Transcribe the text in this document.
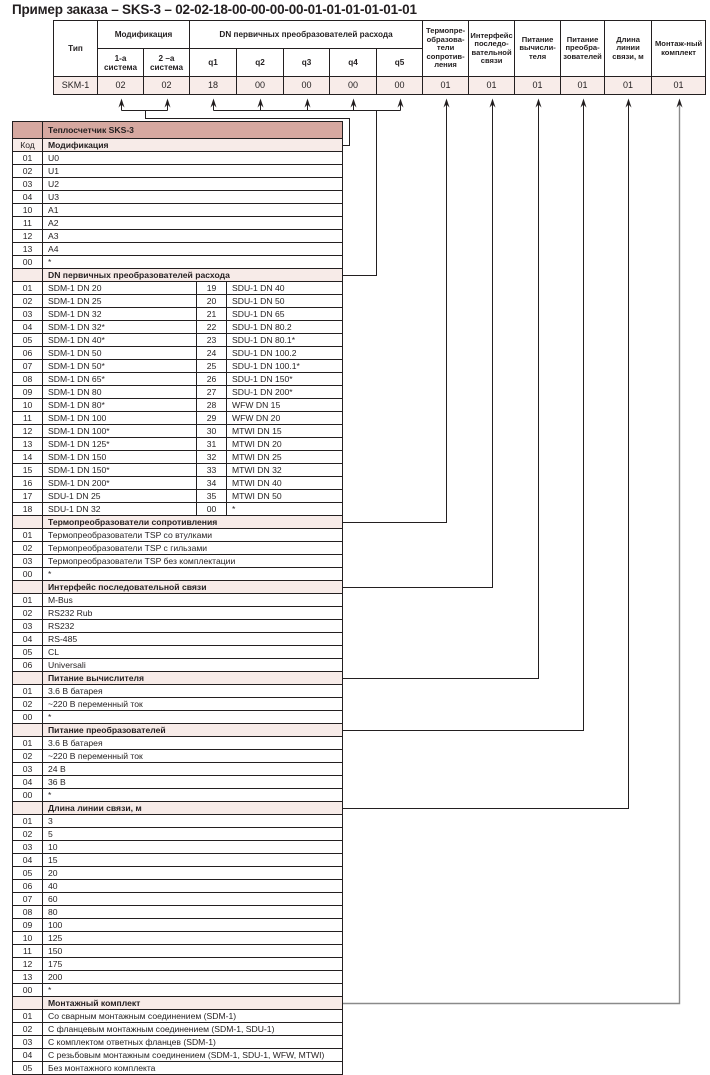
Пример заказа – SKS-3 – 02-02-18-00-00-00-00-01-01-01-01-01-01
Тип	Модификация		DN первичных преобразователей расхода					Термопре-образова-тели сопротив-ления	Интерфейс последо-вательной связи	Питание вычисли-теля	Питание преобра-зователей	Длина линии связи, м	Монтаж-ный комплект
	1-а система	2 –а система	q1	q2	q3	q4	q5						
SKM-1	02	02	18	00	00	00	00	01	01	01	01	01	01
	Теплосчетчик SKS-3		
Код	Модификация		
01	U0		
02	U1		
03	U2		
04	U3		
10	A1		
11	A2		
12	A3		
13	A4		
00	*		
	DN первичных преобразователей расхода		
01	SDM-1 DN 20	19	SDU-1 DN 40
02	SDM-1 DN 25	20	SDU-1 DN 50
03	SDM-1 DN 32	21	SDU-1 DN 65
04	SDM-1 DN 32*	22	SDU-1 DN 80.2
05	SDM-1 DN 40*	23	SDU-1 DN 80.1*
06	SDM-1 DN 50	24	SDU-1 DN 100.2
07	SDM-1 DN 50*	25	SDU-1 DN 100.1*
08	SDM-1 DN 65*	26	SDU-1 DN 150*
09	SDM-1 DN 80	27	SDU-1 DN 200*
10	SDM-1 DN 80*	28	WFW DN 15
11	SDM-1 DN 100	29	WFW DN 20
12	SDM-1 DN 100*	30	MTWI DN 15
13	SDM-1 DN 125*	31	MTWI DN 20
14	SDM-1 DN 150	32	MTWI DN 25
15	SDM-1 DN 150*	33	MTWI DN 32
16	SDM-1 DN 200*	34	MTWI DN 40
17	SDU-1 DN 25	35	MTWI DN 50
18	SDU-1 DN 32	00	*
	Термопреобразователи сопротивления		
01	Термопреобразователи TSP со втулками		
02	Термопреобразователи TSP с гильзами		
03	Термопреобразователи TSP без комплектации		
00	*		
	Интерфейс последовательной связи		
01	M-Bus		
02	RS232 Rub		
03	RS232		
04	RS-485		
05	CL		
06	Universali		
	Питание вычислителя		
01	3.6 В батарея		
02	~220 В переменный ток		
00	*		
	Питание преобразователей		
01	3.6 В батарея		
02	~220 В переменный ток		
03	24 В		
04	36 В		
00	*		
	Длина линии связи, м		
01	3		
02	5		
03	10		
04	15		
05	20		
06	40		
07	60		
08	80		
09	100		
10	125		
11	150		
12	175		
13	200		
00	*		
	Монтажный комплект		
01	Со сварным монтажным соединением (SDM-1)		
02	С фланцевым монтажным соединением (SDM-1, SDU-1)		
03	С комплектом ответных фланцев (SDM-1)		
04	С резьбовым монтажным соединением (SDM-1, SDU-1, WFW, MTWI)		
05	Без монтажного комплекта		
